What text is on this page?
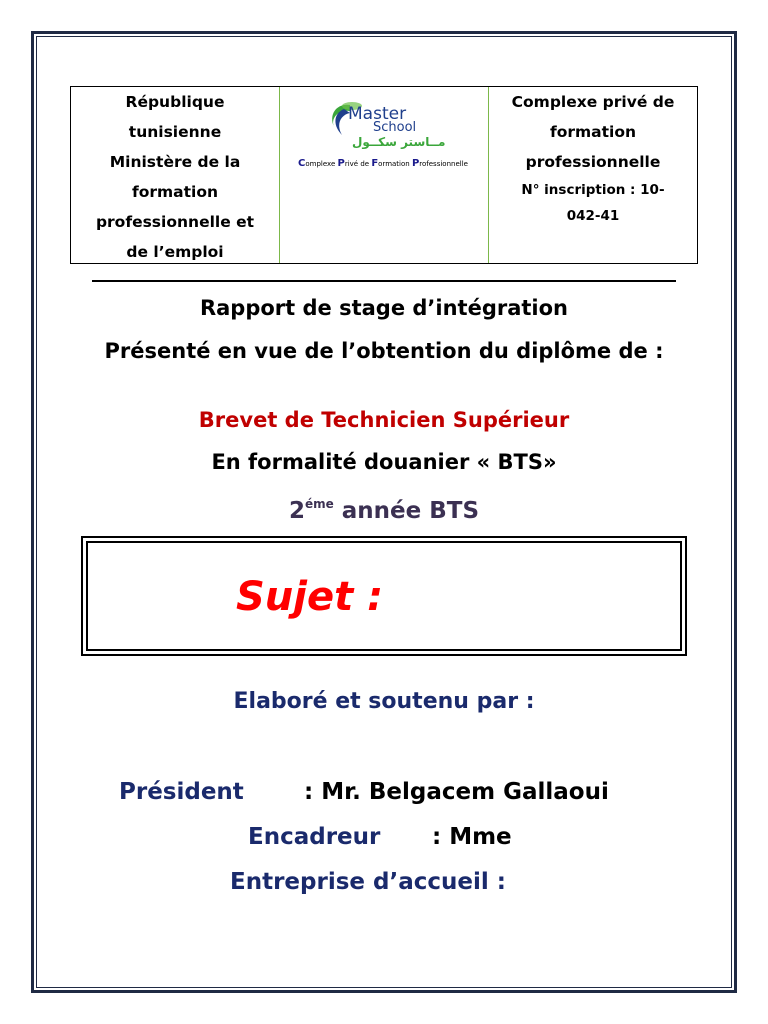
République
tunisienne
Ministère de la
formation
professionnelle et
de l’emploi
Master
School
مــاستر سكــول
Complexe Privé de Formation Professionnelle
Complexe privé de
formation
professionnelle
N° inscription : 10-
042-41
Rapport de stage d’intégration
Présenté en vue de l’obtention du diplôme de :
Brevet de Technicien Supérieur
En formalité douanier « BTS»
$2^{éme}$ année BTS
Sujet :
Elaboré et soutenu par :
Président	: Mr. Belgacem Gallaoui
Encadreur : Mme
Entreprise d’accueil :
